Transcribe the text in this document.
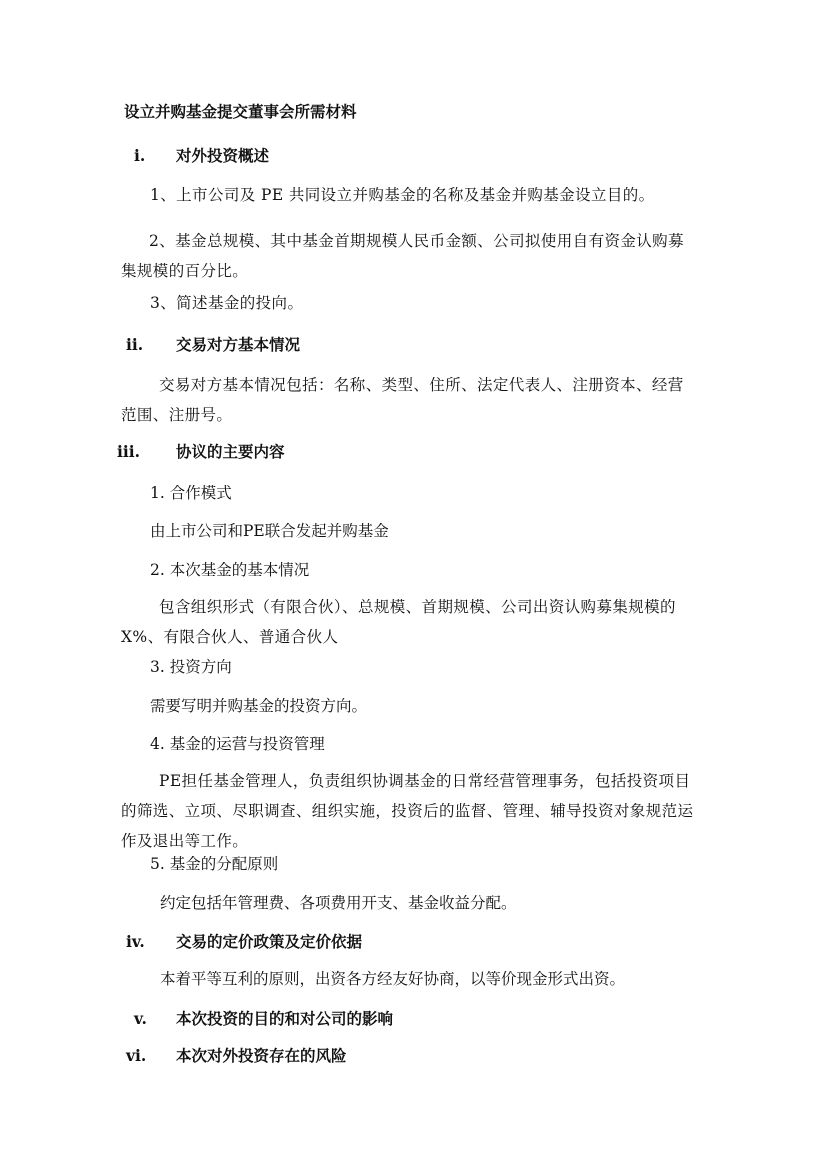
设立并购基金提交董事会所需材料
i. 对外投资概述
1、上市公司及 PE 共同设立并购基金的名称及基金并购基金设立目的。
2、基金总规模、其中基金首期规模人民币金额、公司拟使用自有资金认购募集规模的百分比。
3、简述基金的投向。
ii. 交易对方基本情况
交易对方基本情况包括：名称、类型、住所、法定代表人、注册资本、经营范围、注册号。
iii. 协议的主要内容
1. 合作模式
由上市公司和PE联合发起并购基金
2. 本次基金的基本情况
包含组织形式（有限合伙）、总规模、首期规模、公司出资认购募集规模的X%、有限合伙人、普通合伙人
3. 投资方向
需要写明并购基金的投资方向。
4. 基金的运营与投资管理
PE担任基金管理人，负责组织协调基金的日常经营管理事务，包括投资项目的筛选、立项、尽职调查、组织实施，投资后的监督、管理、辅导投资对象规范运作及退出等工作。
5. 基金的分配原则
约定包括年管理费、各项费用开支、基金收益分配。
iv. 交易的定价政策及定价依据
本着平等互利的原则，出资各方经友好协商，以等价现金形式出资。
v. 本次投资的目的和对公司的影响
vi. 本次对外投资存在的风险
